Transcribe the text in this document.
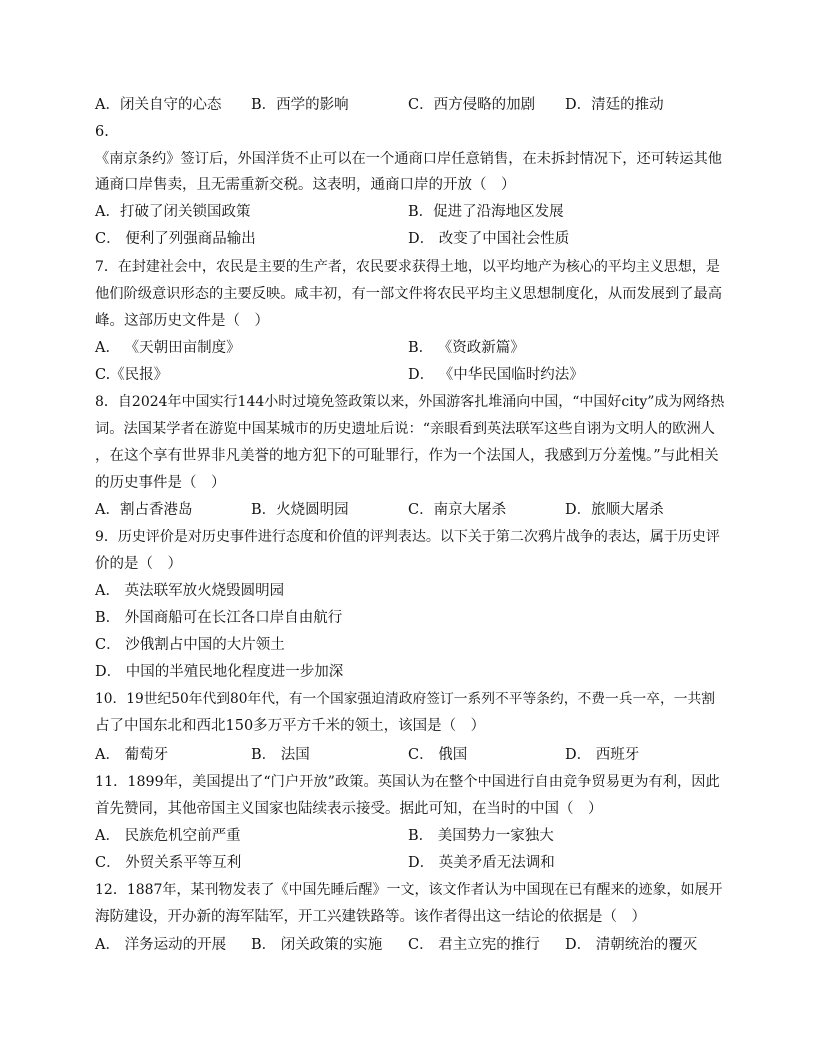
A．闭关自守的心态 B．西学的影响	C．西方侵略的加剧 D．清廷的推动
6.
《南京条约》签订后，外国洋货不止可以在一个通商口岸任意销售，在未拆封情况下，还可转运其他
通商口岸售卖，且无需重新交税。这表明，通商口岸的开放（　）
A．打破了闭关锁国政策	B．促进了沿海地区发展
C． 便利了列强商品输出	D． 改变了中国社会性质
7．在封建社会中，农民是主要的生产者，农民要求获得土地，以平均地产为核心的平均主义思想，是
他们阶级意识形态的主要反映。咸丰初，有一部文件将农民平均主义思想制度化，从而发展到了最高
峰。这部历史文件是（　）
A． 《天朝田亩制度》	B． 《资政新篇》
C.《民报》	D． 《中华民国临时约法》
8．自2024年中国实行144小时过境免签政策以来，外国游客扎堆涌向中国，“中国好city”成为网络热
词。法国某学者在游览中国某城市的历史遗址后说：“亲眼看到英法联军这些自诩为文明人的欧洲人
，在这个享有世界非凡美誉的地方犯下的可耻罪行，作为一个法国人，我感到万分羞愧。”与此相关
的历史事件是（　）
A．割占香港岛	B．火烧圆明园	C．南京大屠杀	D．旅顺大屠杀
9．历史评价是对历史事件进行态度和价值的评判表达。以下关于第二次鸦片战争的表达，属于历史评
价的是（　）
A． 英法联军放火烧毁圆明园
B． 外国商船可在长江各口岸自由航行
C． 沙俄割占中国的大片领土
D． 中国的半殖民地化程度进一步加深
10．19世纪50年代到80年代，有一个国家强迫清政府签订一系列不平等条约，不费一兵一卒，一共割
占了中国东北和西北150多万平方千米的领土，该国是（　）
A． 葡萄牙	B． 法国	C． 俄国	D． 西班牙
11．1899年，美国提出了“门户开放”政策。英国认为在整个中国进行自由竞争贸易更为有利，因此
首先赞同，其他帝国主义国家也陆续表示接受。据此可知，在当时的中国（　）
A． 民族危机空前严重	B． 美国势力一家独大
C． 外贸关系平等互利	D． 英美矛盾无法调和
12．1887年，某刊物发表了《中国先睡后醒》一文，该文作者认为中国现在已有醒来的迹象，如展开
海防建设，开办新的海军陆军，开工兴建铁路等。该作者得出这一结论的依据是（　）
A． 洋务运动的开展 B． 闭关政策的实施 C． 君主立宪的推行 D． 清朝统治的覆灭
